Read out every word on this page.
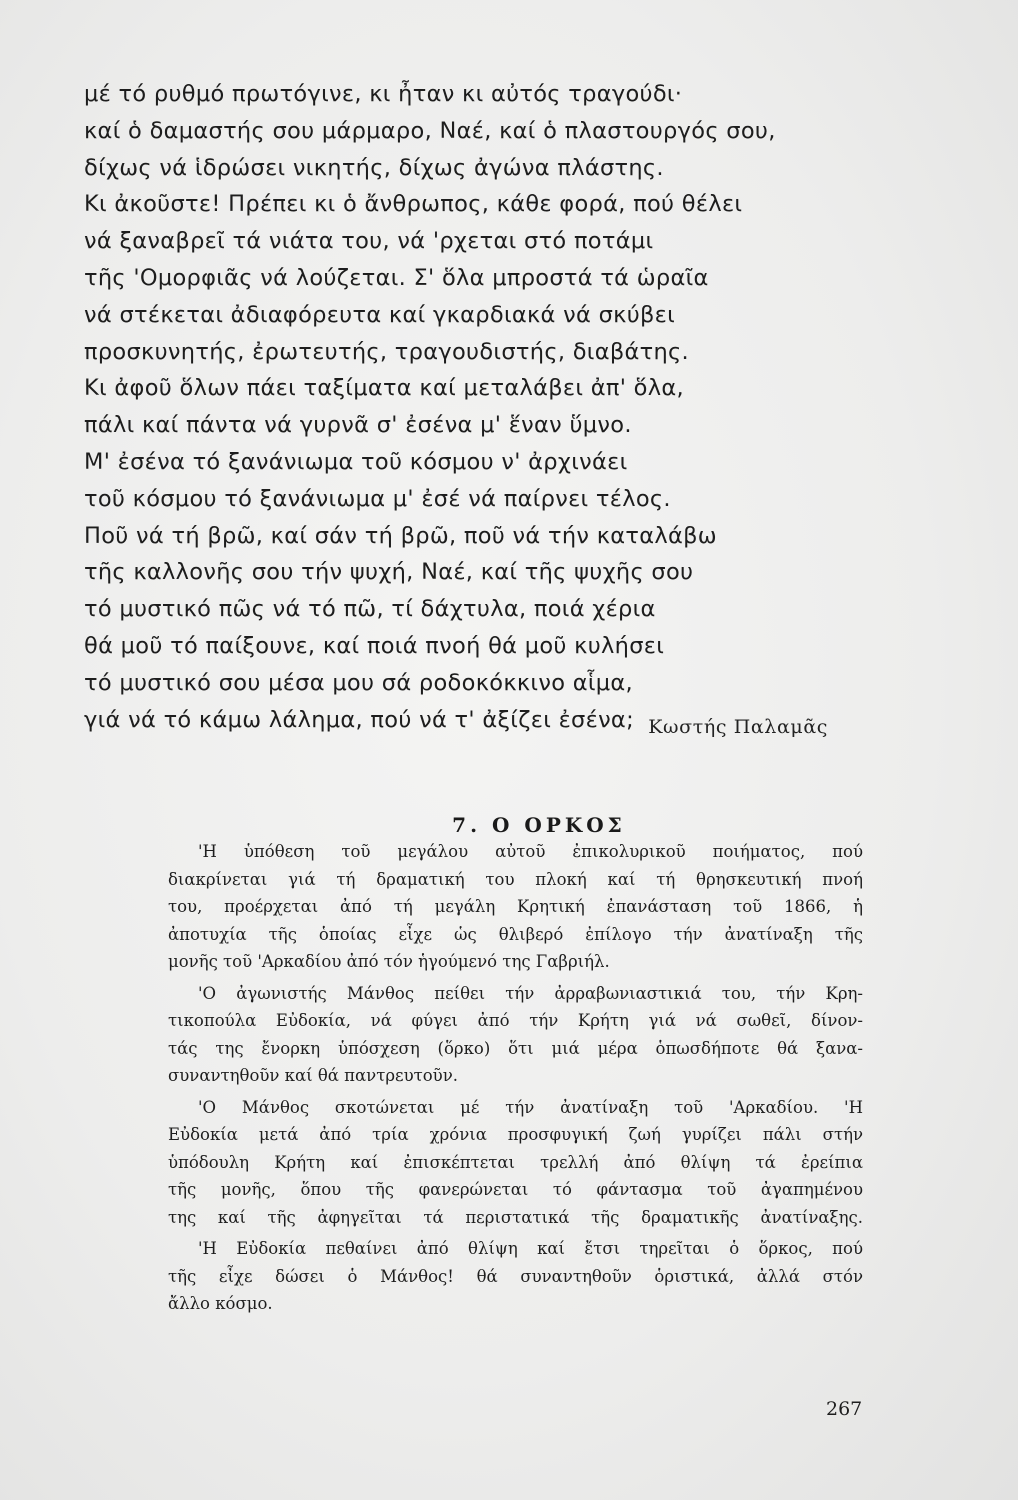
μέ τό ρυθμό πρωτόγινε, κι ἦταν κι αὐτός τραγούδι·
καί ὁ δαμαστής σου μάρμαρο, Ναέ, καί ὁ πλαστουργός σου,
δίχως νά ἱδρώσει νικητής, δίχως ἀγώνα πλάστης.
Κι ἀκοῦστε! Πρέπει κι ὁ ἄνθρωπος, κάθε φορά, πού θέλει
νά ξαναβρεῖ τά νιάτα του, νά 'ρχεται στό ποτάμι
τῆς 'Ομορφιᾶς νά λούζεται. Σ' ὅλα μπροστά τά ὡραῖα
νά στέκεται ἀδιαφόρευτα καί γκαρδιακά νά σκύβει
προσκυνητής, ἐρωτευτής, τραγουδιστής, διαβάτης.
Κι ἀφοῦ ὅλων πάει ταξίματα καί μεταλάβει ἀπ' ὅλα,
πάλι καί πάντα νά γυρνᾶ σ' ἐσένα μ' ἕναν ὕμνο.
Μ' ἐσένα τό ξανάνιωμα τοῦ κόσμου ν' ἀρχινάει
τοῦ κόσμου τό ξανάνιωμα μ' ἐσέ νά παίρνει τέλος.
Ποῦ νά τή βρῶ, καί σάν τή βρῶ, ποῦ νά τήν καταλάβω
τῆς καλλονῆς σου τήν ψυχή, Ναέ, καί τῆς ψυχῆς σου
τό μυστικό πῶς νά τό πῶ, τί δάχτυλα, ποιά χέρια
θά μοῦ τό παίξουνε, καί ποιά πνοή θά μοῦ κυλήσει
τό μυστικό σου μέσα μου σά ροδοκόκκινο αἷμα,
γιά νά τό κάμω λάλημα, πού νά τ' ἀξίζει ἐσένα; Κωστής Παλαμᾶς
7. Ο ΟΡΚΟΣ
'Η ὑπόθεση τοῦ μεγάλου αὐτοῦ ἐπικολυρικοῦ ποιήματος, πού
διακρίνεται γιά τή δραματική του πλοκή καί τή θρησκευτική πνοή
του, προέρχεται ἀπό τή μεγάλη Κρητική ἐπανάσταση τοῦ 1866, ἡ
ἀποτυχία τῆς ὁποίας εἶχε ὡς θλιβερό ἐπίλογο τήν ἀνατίναξη τῆς
μονῆς τοῦ 'Αρκαδίου ἀπό τόν ἡγούμενό της Γαβριήλ.
'Ο ἀγωνιστής Μάνθος πείθει τήν ἀρραβωνιαστικιά του, τήν Κρη-
τικοπούλα Εὐδοκία, νά φύγει ἀπό τήν Κρήτη γιά νά σωθεῖ, δίνον-
τάς της ἔνορκη ὑπόσχεση (ὅρκο) ὅτι μιά μέρα ὁπωσδήποτε θά ξανα-
συναντηθοῦν καί θά παντρευτοῦν.
'Ο Μάνθος σκοτώνεται μέ τήν ἀνατίναξη τοῦ 'Αρκαδίου. 'Η
Εὐδοκία μετά ἀπό τρία χρόνια προσφυγική ζωή γυρίζει πάλι στήν
ὑπόδουλη Κρήτη καί ἐπισκέπτεται τρελλή ἀπό θλίψη τά ἐρείπια
τῆς μονῆς, ὅπου τῆς φανερώνεται τό φάντασμα τοῦ ἀγαπημένου
της καί τῆς ἀφηγεῖται τά περιστατικά τῆς δραματικῆς ἀνατίναξης.
'Η Εὐδοκία πεθαίνει ἀπό θλίψη καί ἔτσι τηρεῖται ὁ ὅρκος, πού
τῆς εἶχε δώσει ὁ Μάνθος! θά συναντηθοῦν ὁριστικά, ἀλλά στόν
ἄλλο κόσμο.
267
